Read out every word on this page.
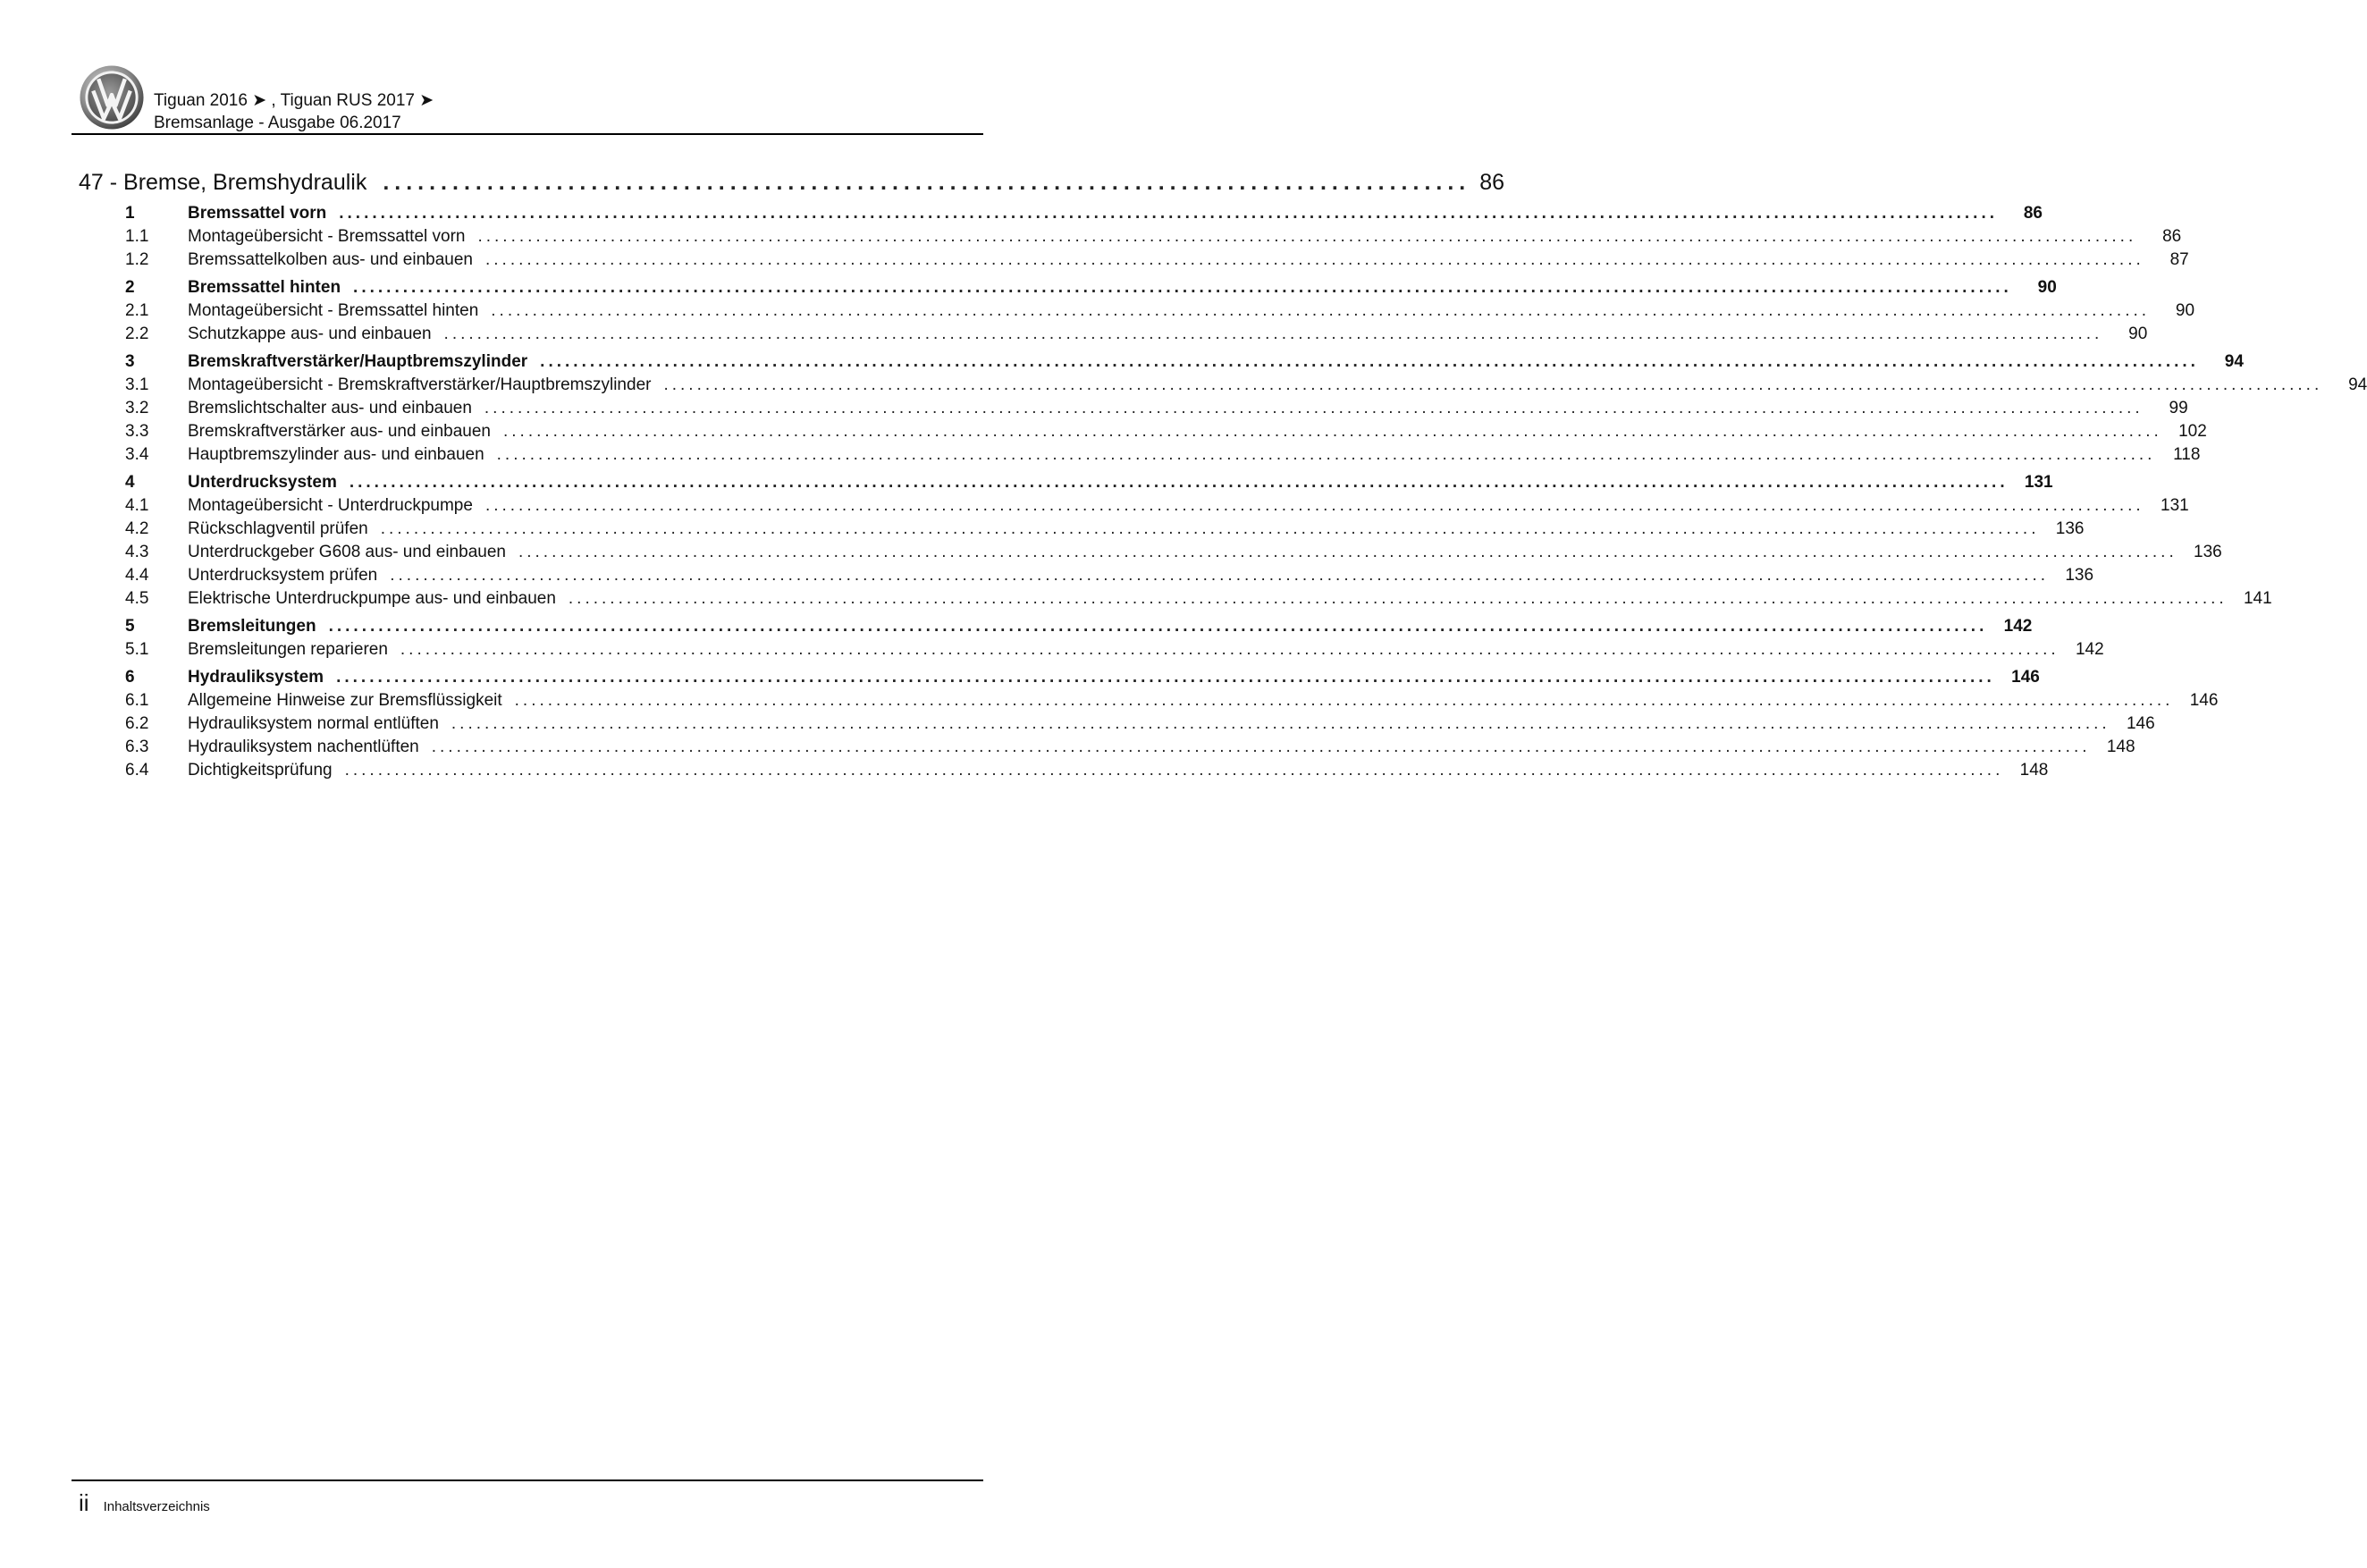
Tiguan 2016 ➤ , Tiguan RUS 2017 ➤
Bremsanlage - Ausgabe 06.2017
47 - Bremse, Bremshydraulik .............................................................................................. 86
1	Bremssattel vorn ........................................................................................................................................................................................................	86
1.1	Montageübersicht - Bremssattel vorn ........................................................................................................................................................................................................	86
1.2	Bremssattelkolben aus- und einbauen ........................................................................................................................................................................................................	87
2	Bremssattel hinten ........................................................................................................................................................................................................	90
2.1	Montageübersicht - Bremssattel hinten ........................................................................................................................................................................................................	90
2.2	Schutzkappe aus- und einbauen ........................................................................................................................................................................................................	90
3	Bremskraftverstärker/Hauptbremszylinder ........................................................................................................................................................................................................	94
3.1	Montageübersicht - Bremskraftverstärker/Hauptbremszylinder ........................................................................................................................................................................................................	94
3.2	Bremslichtschalter aus- und einbauen ........................................................................................................................................................................................................	99
3.3	Bremskraftverstärker aus- und einbauen ........................................................................................................................................................................................................ 102
3.4	Hauptbremszylinder aus- und einbauen ........................................................................................................................................................................................................	118
4	Unterdrucksystem ........................................................................................................................................................................................................ 131
4.1	Montageübersicht - Unterdruckpumpe ........................................................................................................................................................................................................ 131
4.2	Rückschlagventil prüfen ........................................................................................................................................................................................................ 136
4.3	Unterdruckgeber G608 aus- und einbauen ........................................................................................................................................................................................................ 136
4.4	Unterdrucksystem prüfen ........................................................................................................................................................................................................ 136
4.5	Elektrische Unterdruckpumpe aus- und einbauen ........................................................................................................................................................................................................ 141
5	Bremsleitungen ........................................................................................................................................................................................................ 142
5.1	Bremsleitungen reparieren ........................................................................................................................................................................................................ 142
6	Hydrauliksystem ........................................................................................................................................................................................................ 146
6.1	Allgemeine Hinweise zur Bremsflüssigkeit ........................................................................................................................................................................................................ 146
6.2	Hydrauliksystem normal entlüften ........................................................................................................................................................................................................ 146
6.3	Hydrauliksystem nachentlüften ........................................................................................................................................................................................................ 148
6.4	Dichtigkeitsprüfung ........................................................................................................................................................................................................ 148
ii Inhaltsverzeichnis
